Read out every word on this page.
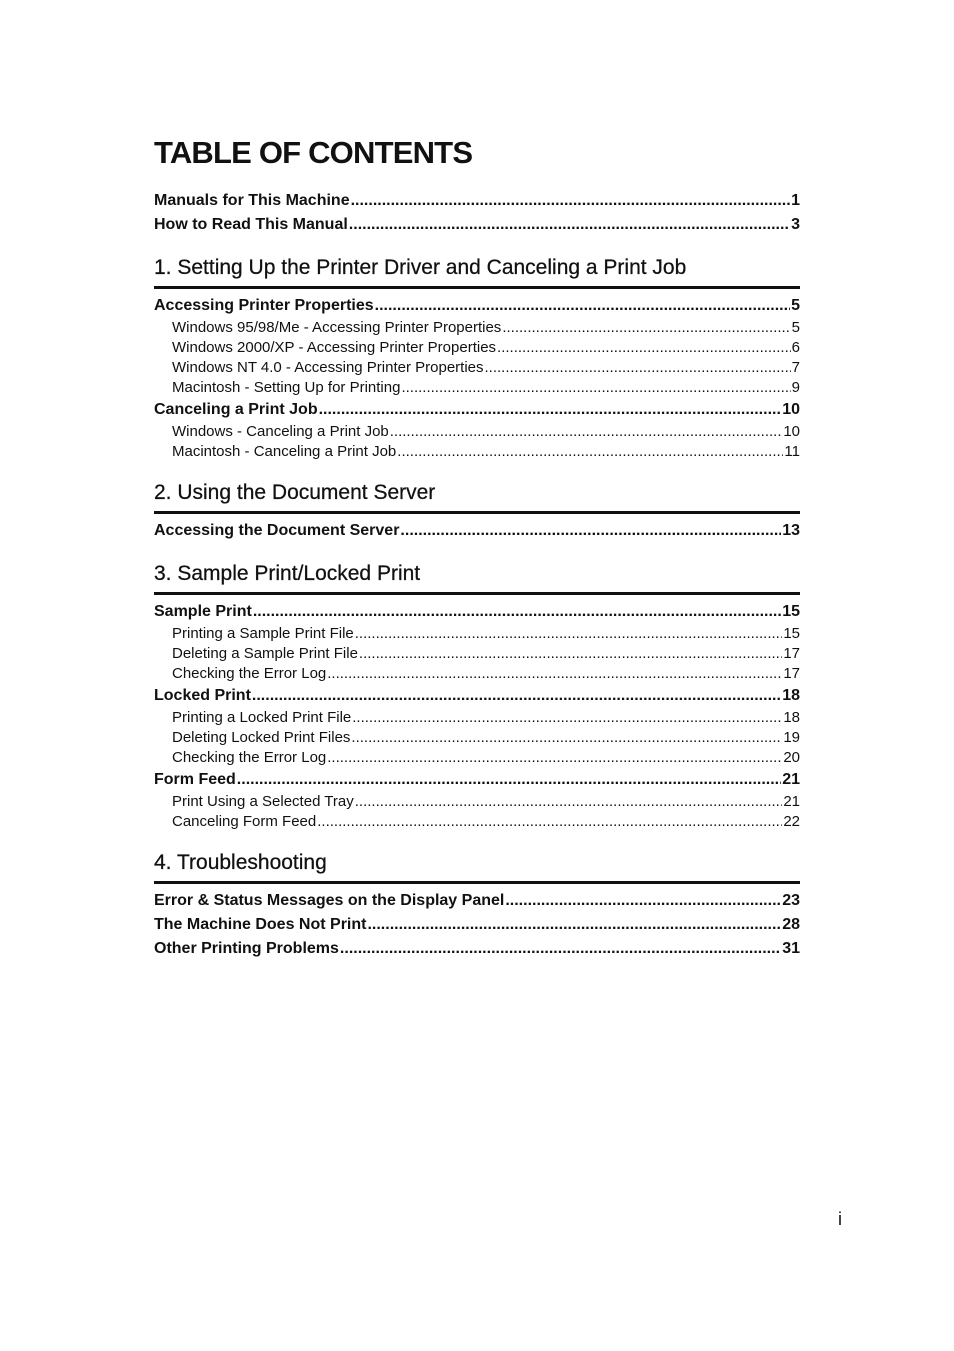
TABLE OF CONTENTS
Manuals for This Machine .....	1
How to Read This Manual .....	3
1. Setting Up the Printer Driver and Canceling a Print Job
Accessing Printer Properties .....	5
Windows 95/98/Me - Accessing Printer Properties .....	5
Windows 2000/XP - Accessing Printer Properties .....	6
Windows NT 4.0 - Accessing Printer Properties .....	7
Macintosh - Setting Up for Printing .....	9
Canceling a Print Job .....	10
Windows - Canceling a Print Job .....	10
Macintosh - Canceling a Print Job .....	11
2. Using the Document Server
Accessing the Document Server .....	13
3. Sample Print/Locked Print
Sample Print .....	15
Printing a Sample Print File .....	15
Deleting a Sample Print File .....	17
Checking the Error Log .....	17
Locked Print .....	18
Printing a Locked Print File .....	18
Deleting Locked Print Files .....	19
Checking the Error Log .....	20
Form Feed .....	21
Print Using a Selected Tray .....	21
Canceling Form Feed .....	22
4. Troubleshooting
Error & Status Messages on the Display Panel .....	23
The Machine Does Not Print .....	28
Other Printing Problems .....	31
i
